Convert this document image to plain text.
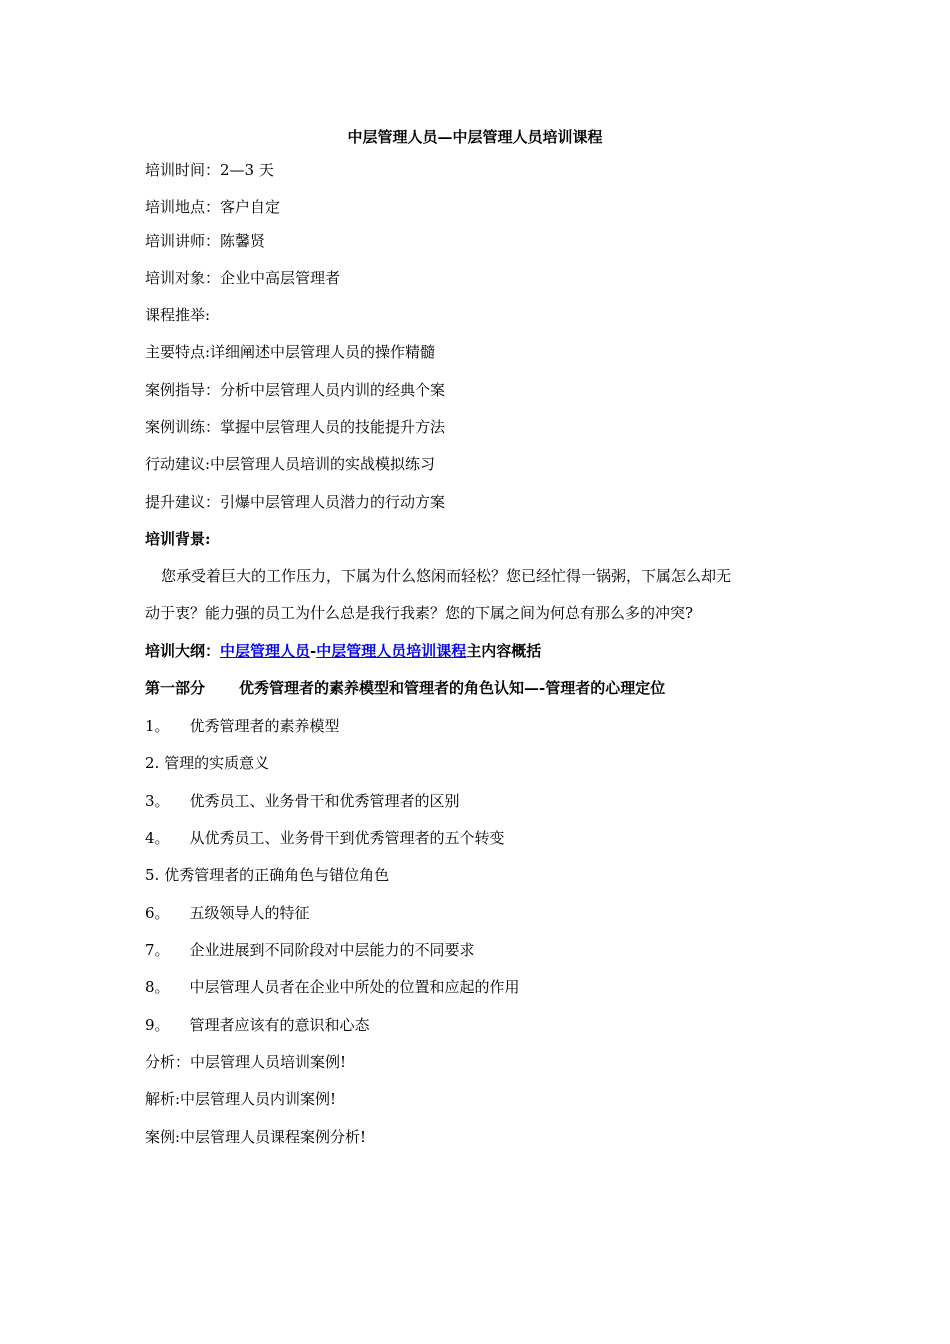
中层管理人员—中层管理人员培训课程

培训时间：2—3 天

培训地点：客户自定

培训讲师：陈馨贤

培训对象：企业中高层管理者

课程推举:

主要特点:详细阐述中层管理人员的操作精髓

案例指导：分析中层管理人员内训的经典个案

案例训练：掌握中层管理人员的技能提升方法

行动建议:中层管理人员培训的实战模拟练习

提升建议：引爆中层管理人员潜力的行动方案

培训背景:

您承受着巨大的工作压力，下属为什么悠闲而轻松？您已经忙得一锅粥，下属怎么却无

动于衷？能力强的员工为什么总是我行我素？您的下属之间为何总有那么多的冲突?

培训大纲：中层管理人员-中层管理人员培训课程主内容概括

第一部分 优秀管理者的素养模型和管理者的角色认知—-管理者的心理定位

1。 优秀管理者的素养模型

2. 管理的实质意义

3。 优秀员工、业务骨干和优秀管理者的区别

4。 从优秀员工、业务骨干到优秀管理者的五个转变

5. 优秀管理者的正确角色与错位角色

6。 五级领导人的特征

7。 企业进展到不同阶段对中层能力的不同要求

8。 中层管理人员者在企业中所处的位置和应起的作用

9。 管理者应该有的意识和心态

分析：中层管理人员培训案例!

解析:中层管理人员内训案例!

案例:中层管理人员课程案例分析!
